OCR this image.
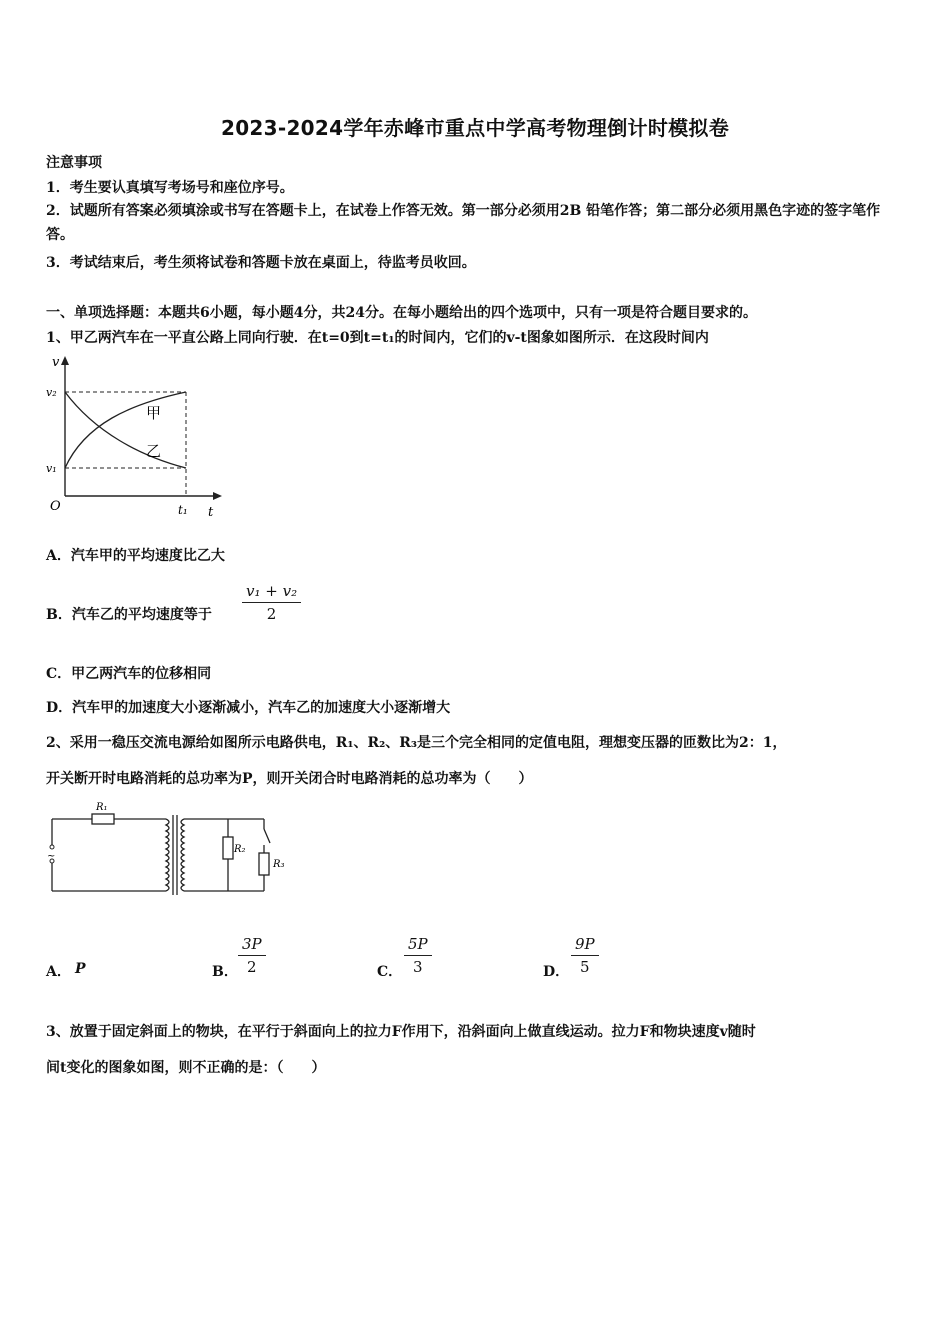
2023-2024学年赤峰市重点中学高考物理倒计时模拟卷
注意事项
1．考生要认真填写考场号和座位序号。
2．试题所有答案必须填涂或书写在答题卡上，在试卷上作答无效。第一部分必须用2B 铅笔作答；第二部分必须用黑色字迹的签字笔作答。
3．考试结束后，考生须将试卷和答题卡放在桌面上，待监考员收回。
一、单项选择题：本题共6小题，每小题4分，共24分。在每小题给出的四个选项中，只有一项是符合题目要求的。
1、甲乙两汽车在一平直公路上同向行驶．在t=0到t=t₁的时间内，它们的v-t图象如图所示．在这段时间内
v
v₂
v₁
O	t₁ t
甲
乙
A．汽车甲的平均速度比乙大
B．汽车乙的平均速度等于
v₁ + v₂
2
C．甲乙两汽车的位移相同
D．汽车甲的加速度大小逐渐减小，汽车乙的加速度大小逐渐增大
2、采用一稳压交流电源给如图所示电路供电，R₁、R₂、R₃是三个完全相同的定值电阻，理想变压器的匝数比为2：1，
开关断开时电路消耗的总功率为P，则开关闭合时电路消耗的总功率为（　　）
~
R₁
R₂
R₃
A． P	B．
3P
2	C．
5P
3	D．
9P
5
3、放置于固定斜面上的物块，在平行于斜面向上的拉力F作用下，沿斜面向上做直线运动。拉力F和物块速度v随时
间t变化的图象如图，则不正确的是：（　　）
